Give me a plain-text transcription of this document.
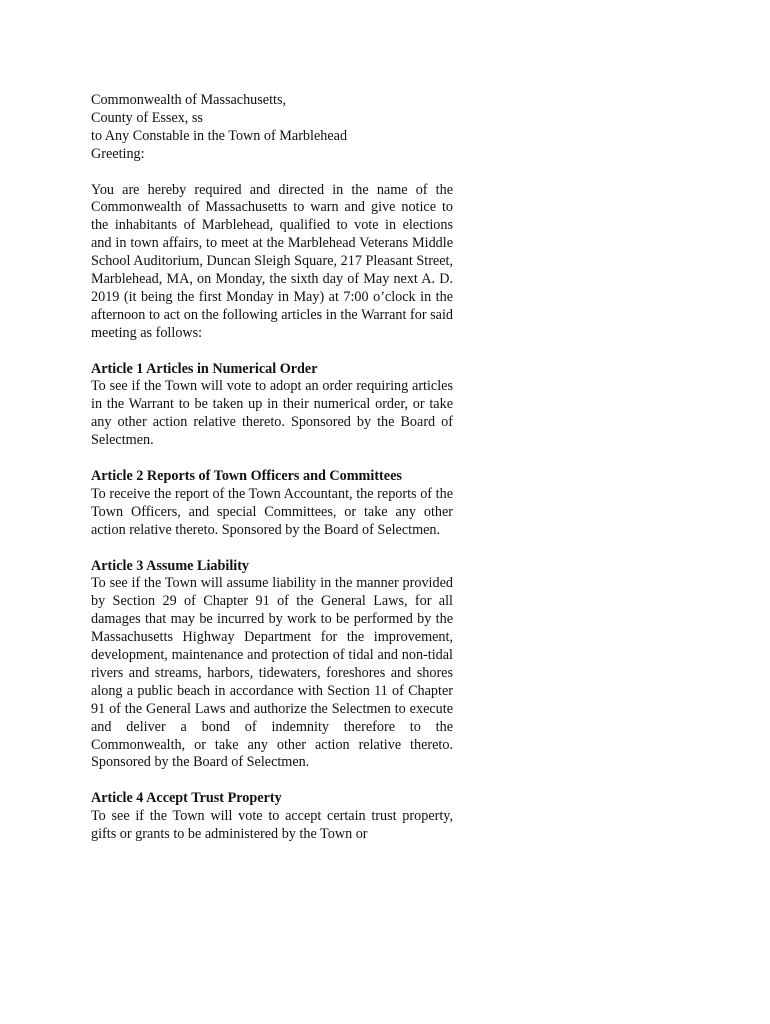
Commonwealth of Massachusetts,
County of Essex, ss
to Any Constable in the Town of Marblehead
Greeting:

You are hereby required and directed in the name of the Commonwealth of Massachusetts to warn and give notice to the inhabitants of Marblehead, qualified to vote in elections and in town affairs, to meet at the Marblehead Veterans Middle School Auditorium, Duncan Sleigh Square, 217 Pleasant Street, Marblehead, MA, on Monday, the sixth day of May next A. D. 2019 (it being the first Monday in May) at 7:00 o’clock in the afternoon to act on the following articles in the Warrant for said meeting as follows:

Article 1 Articles in Numerical Order
To see if the Town will vote to adopt an order requiring articles in the Warrant to be taken up in their numerical order, or take any other action relative thereto. Sponsored by the Board of Selectmen.
Article 2 Reports of Town Officers and Committees
To receive the report of the Town Accountant, the reports of the Town Officers, and special Committees, or take any other action relative thereto. Sponsored by the Board of Selectmen.
Article 3 Assume Liability
To see if the Town will assume liability in the manner provided by Section 29 of Chapter 91 of the General Laws, for all damages that may be incurred by work to be performed by the Massachusetts Highway Department for the improvement, development, maintenance and protection of tidal and non-tidal rivers and streams, harbors, tidewaters, foreshores and shores along a public beach in accordance with Section 11 of Chapter 91 of the General Laws and authorize the Selectmen to execute and deliver a bond of indemnity therefore to the Commonwealth, or take any other action relative thereto. Sponsored by the Board of Selectmen.
Article 4 Accept Trust Property
To see if the Town will vote to accept certain trust property, gifts or grants to be administered by the Town or
